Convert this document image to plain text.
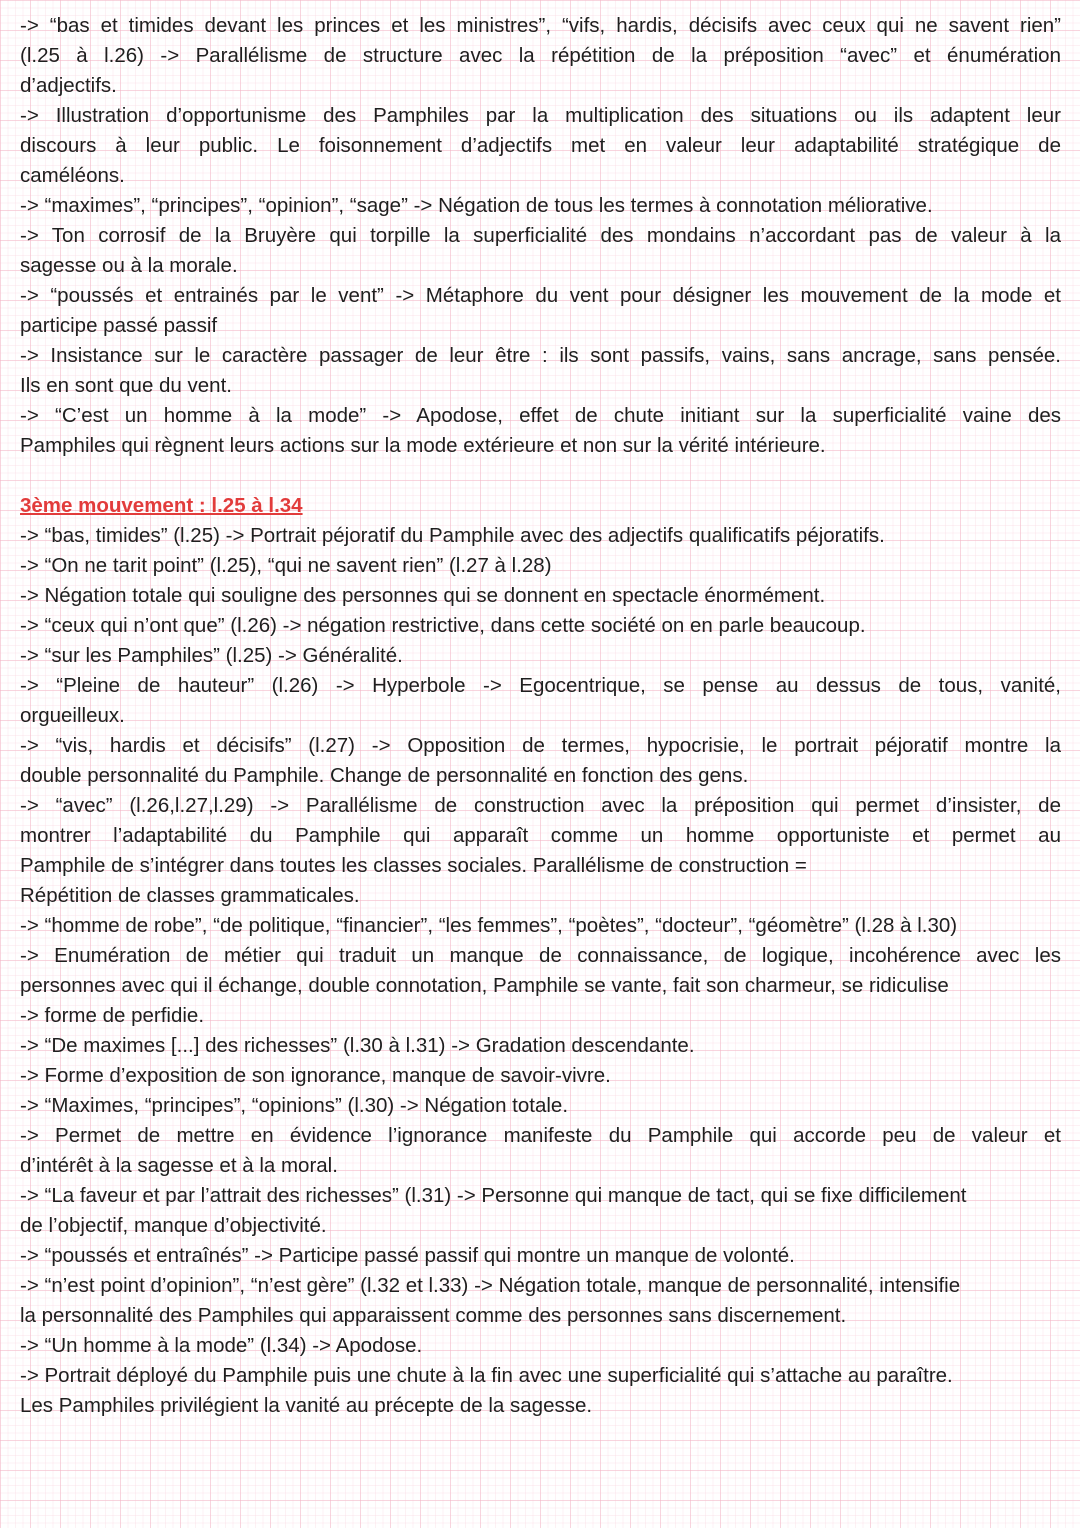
-> “bas et timides devant les princes et les ministres”, “vifs, hardis, décisifs avec ceux qui ne savent rien”
(l.25 à l.26) -> Parallélisme de structure avec la répétition de la préposition “avec” et énumération
d’adjectifs.
-> Illustration d’opportunisme des Pamphiles par la multiplication des situations ou ils adaptent leur
discours à leur public. Le foisonnement d’adjectifs met en valeur leur adaptabilité stratégique de
caméléons.
-> “maximes”, “principes”, “opinion”, “sage” -> Négation de tous les termes à connotation méliorative.
-> Ton corrosif de la Bruyère qui torpille la superficialité des mondains n’accordant pas de valeur à la
sagesse ou à la morale.
-> “poussés et entrainés par le vent” -> Métaphore du vent pour désigner les mouvement de la mode et
participe passé passif
-> Insistance sur le caractère passager de leur être : ils sont passifs, vains, sans ancrage, sans pensée.
Ils en sont que du vent.
-> “C’est un homme à la mode” -> Apodose, effet de chute initiant sur la superficialité vaine des
Pamphiles qui règnent leurs actions sur la mode extérieure et non sur la vérité intérieure.
3ème mouvement : l.25 à l.34
-> “bas, timides” (l.25) -> Portrait péjoratif du Pamphile avec des adjectifs qualificatifs péjoratifs.
-> “On ne tarit point” (l.25), “qui ne savent rien” (l.27 à l.28)
-> Négation totale qui souligne des personnes qui se donnent en spectacle énormément.
-> “ceux qui n’ont que” (l.26) -> négation restrictive, dans cette société on en parle beaucoup.
-> “sur les Pamphiles” (l.25) -> Généralité.
-> “Pleine de hauteur” (l.26) -> Hyperbole -> Egocentrique, se pense au dessus de tous, vanité,
orgueilleux.
-> “vis, hardis et décisifs” (l.27) -> Opposition de termes, hypocrisie, le portrait péjoratif montre la
double personnalité du Pamphile. Change de personnalité en fonction des gens.
-> “avec” (l.26,l.27,l.29) -> Parallélisme de construction avec la préposition qui permet d’insister, de
montrer l’adaptabilité du Pamphile qui apparaît comme un homme opportuniste et permet au
Pamphile de s’intégrer dans toutes les classes sociales. Parallélisme de construction =
Répétition de classes grammaticales.
-> “homme de robe”, “de politique, “financier”, “les femmes”, “poètes”, “docteur”, “géomètre” (l.28 à l.30)
-> Enumération de métier qui traduit un manque de connaissance, de logique, incohérence avec les
personnes avec qui il échange, double connotation, Pamphile se vante, fait son charmeur, se ridiculise
-> forme de perfidie.
-> “De maximes [...] des richesses” (l.30 à l.31) -> Gradation descendante.
-> Forme d’exposition de son ignorance, manque de savoir-vivre.
-> “Maximes, “principes”, “opinions” (l.30) -> Négation totale.
-> Permet de mettre en évidence l’ignorance manifeste du Pamphile qui accorde peu de valeur et
d’intérêt à la sagesse et à la moral.
-> “La faveur et par l’attrait des richesses” (l.31) -> Personne qui manque de tact, qui se fixe difficilement
de l’objectif, manque d’objectivité.
-> “poussés et entraînés” -> Participe passé passif qui montre un manque de volonté.
-> “n’est point d’opinion”, “n’est gère” (l.32 et l.33) -> Négation totale, manque de personnalité, intensifie
la personnalité des Pamphiles qui apparaissent comme des personnes sans discernement.
-> “Un homme à la mode” (l.34) -> Apodose.
-> Portrait déployé du Pamphile puis une chute à la fin avec une superficialité qui s’attache au paraître.
Les Pamphiles privilégient la vanité au précepte de la sagesse.
